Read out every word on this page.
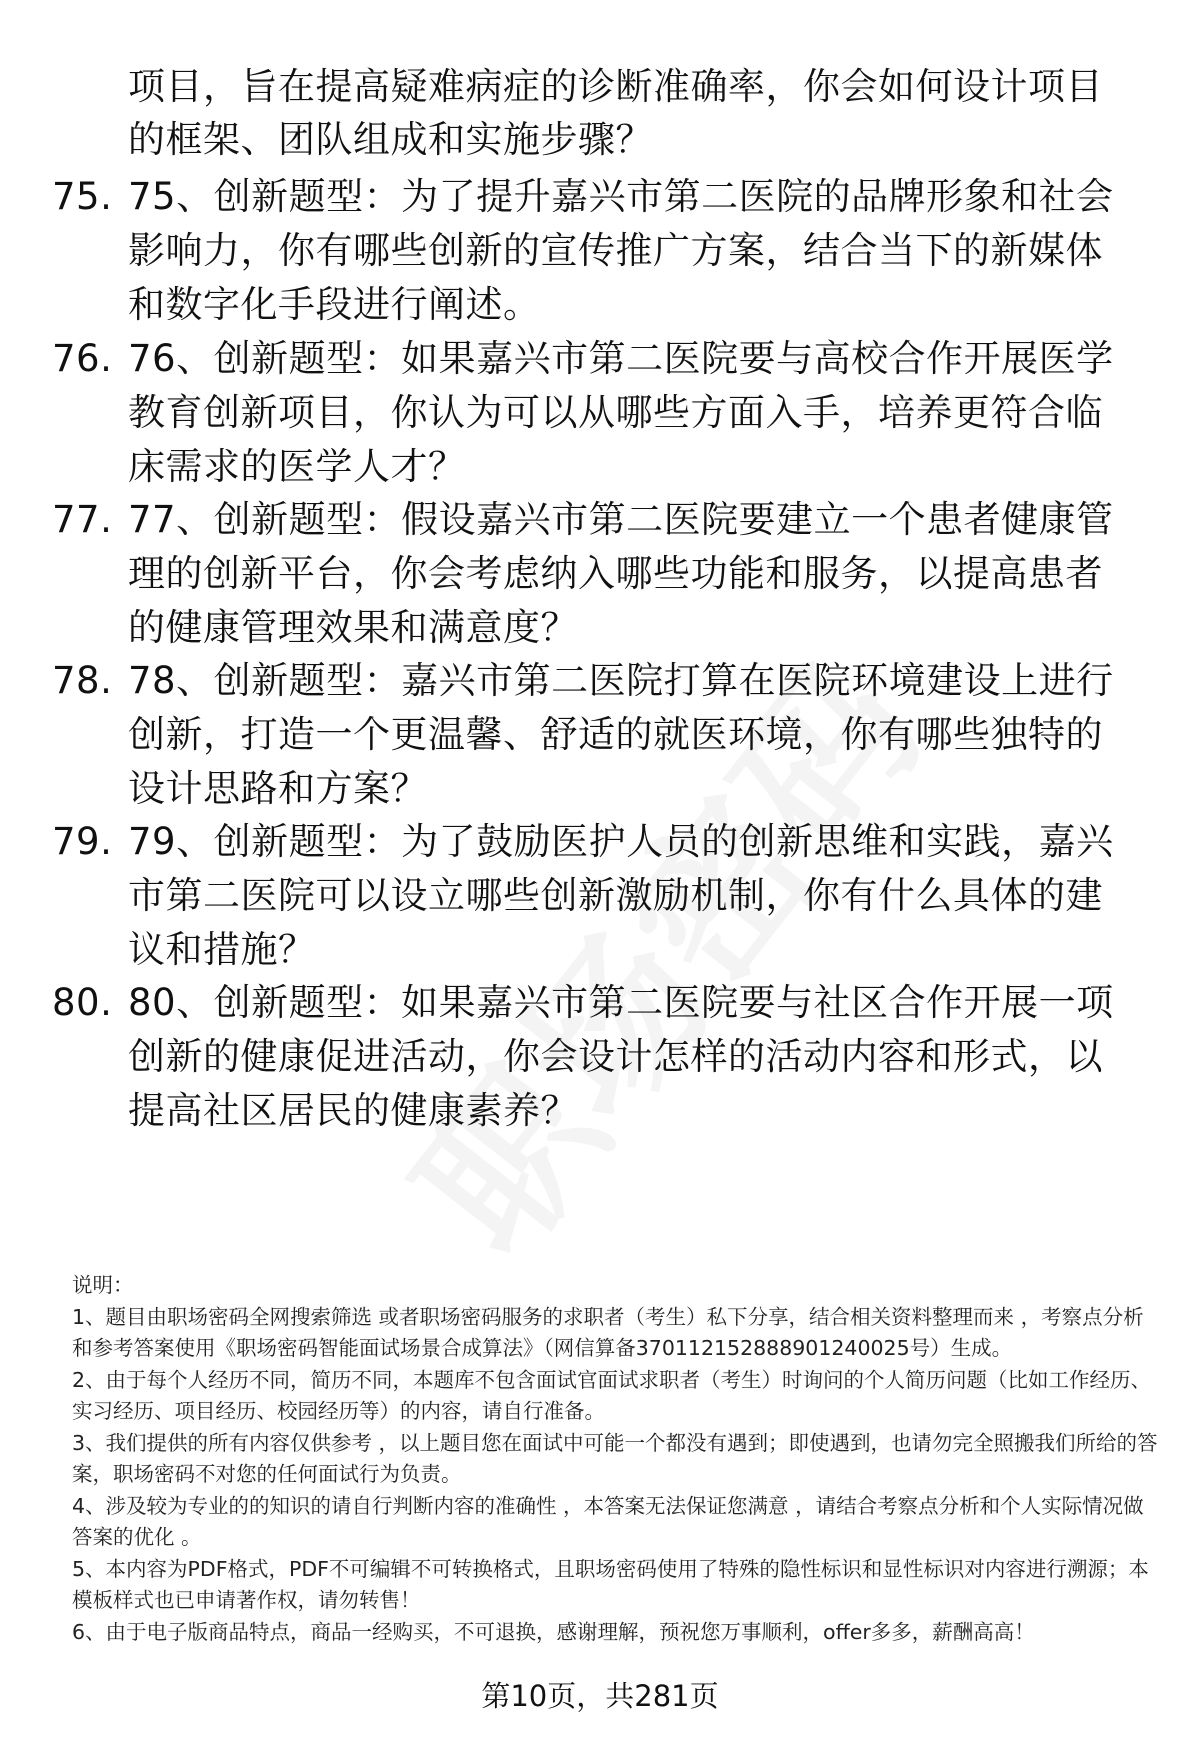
项目，旨在提高疑难病症的诊断准确率，你会如何设计项目的框架、团队组成和实施步骤？
75. 75、创新题型：为了提升嘉兴市第二医院的品牌形象和社会影响力，你有哪些创新的宣传推广方案，结合当下的新媒体和数字化手段进行阐述。
76. 76、创新题型：如果嘉兴市第二医院要与高校合作开展医学教育创新项目，你认为可以从哪些方面入手，培养更符合临床需求的医学人才？
77. 77、创新题型：假设嘉兴市第二医院要建立一个患者健康管理的创新平台，你会考虑纳入哪些功能和服务，以提高患者的健康管理效果和满意度？
78. 78、创新题型：嘉兴市第二医院打算在医院环境建设上进行创新，打造一个更温馨、舒适的就医环境，你有哪些独特的设计思路和方案？
79. 79、创新题型：为了鼓励医护人员的创新思维和实践，嘉兴市第二医院可以设立哪些创新激励机制，你有什么具体的建议和措施？
80. 80、创新题型：如果嘉兴市第二医院要与社区合作开展一项创新的健康促进活动，你会设计怎样的活动内容和形式，以提高社区居民的健康素养？
说明：
1、题目由职场密码全网搜索筛选 或者职场密码服务的求职者（考生）私下分享，结合相关资料整理而来 ，考察点分析和参考答案使用《职场密码智能面试场景合成算法》（网信算备370112152888901240025号）生成。
2、由于每个人经历不同，简历不同，本题库不包含面试官面试求职者（考生）时询问的个人简历问题（比如工作经历、实习经历、项目经历、校园经历等）的内容，请自行准备。
3、我们提供的所有内容仅供参考 ，以上题目您在面试中可能一个都没有遇到；即使遇到，也请勿完全照搬我们所给的答案，职场密码不对您的任何面试行为负责。
4、涉及较为专业的的知识的请自行判断内容的准确性 ，本答案无法保证您满意 ，请结合考察点分析和个人实际情况做答案的优化 。
5、本内容为PDF格式，PDF不可编辑不可转换格式，且职场密码使用了特殊的隐性标识和显性标识对内容进行溯源；本模板样式也已申请著作权，请勿转售！
6、由于电子版商品特点，商品一经购买，不可退换，感谢理解，预祝您万事顺利，offer多多，薪酬高高！
第10页，共281页
